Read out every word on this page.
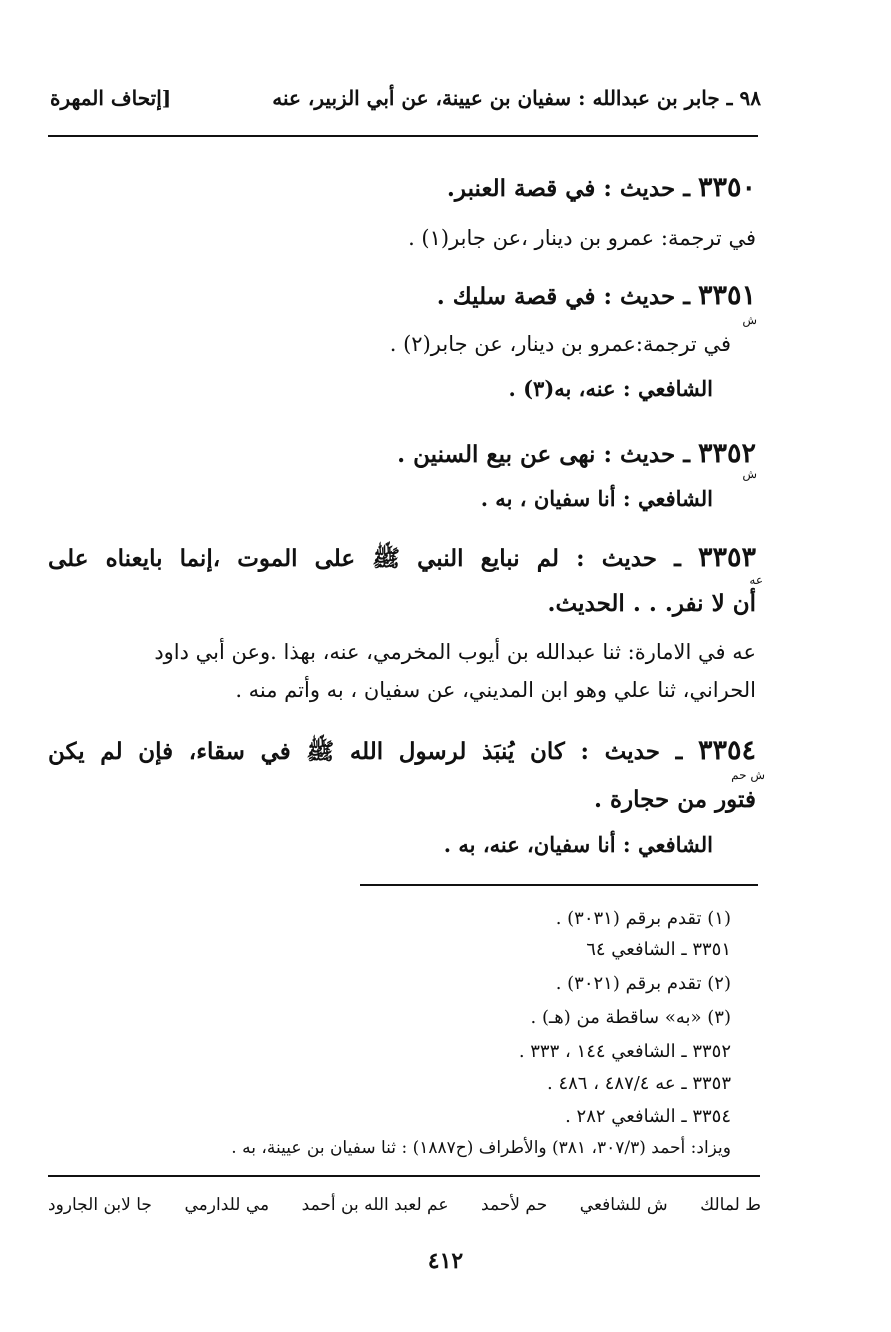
٩٨ ـ جابر بن عبدالله : سفيان بن عيينة، عن أبي الزبير، عنه
[إتحاف المهرة
٣٣٥٠ ـ حديث : في قصة العنبر.
في ترجمة: عمرو بن دينار ،عن جابر(١) .
٣٣٥١ ـ حديث : في قصة سليك .
ش
في ترجمة:عمرو بن دينار، عن جابر(٢) .
الشافعي : عنه، به(٣) .
٣٣٥٢ ـ حديث : نهى عن بيع السنين .
ش
الشافعي : أنا سفيان ، به .
٣٣٥٣ ـ حديث : لم نبايع النبي ﷺ على الموت ،إنما بايعناه على
عه
أن لا نفر. . . الحديث.
عه في الامارة: ثنا عبدالله بن أيوب المخرمي، عنه، بهذا .وعن أبي داود
الحراني، ثنا علي وهو ابن المديني، عن سفيان ، به وأتم منه .
٣٣٥٤ ـ حديث : كان يُنبَذ لرسول الله ﷺ في سقاء، فإن لم يكن
ش حم
فتور من حجارة .
الشافعي : أنا سفيان، عنه، به .
(١) تقدم برقم (٣٠٣١) .
٣٣٥١ ـ الشافعي ٦٤
(٢) تقدم برقم (٣٠٢١) .
(٣) «به» ساقطة من (هـ) .
٣٣٥٢ ـ الشافعي ١٤٤ ، ٣٣٣ .
٣٣٥٣ ـ عه ٤٨٧/٤ ، ٤٨٦ .
٣٣٥٤ ـ الشافعي ٢٨٢ .
ويزاد: أحمد (٣٠٧/٣، ٣٨١) والأطراف (ح١٨٨٧) : ثنا سفيان بن عيينة، به .
ط لمالك
ش للشافعي
حم لأحمد
عم لعبد الله بن أحمد
مي للدارمي
جا لابن الجارود
٤١٢
